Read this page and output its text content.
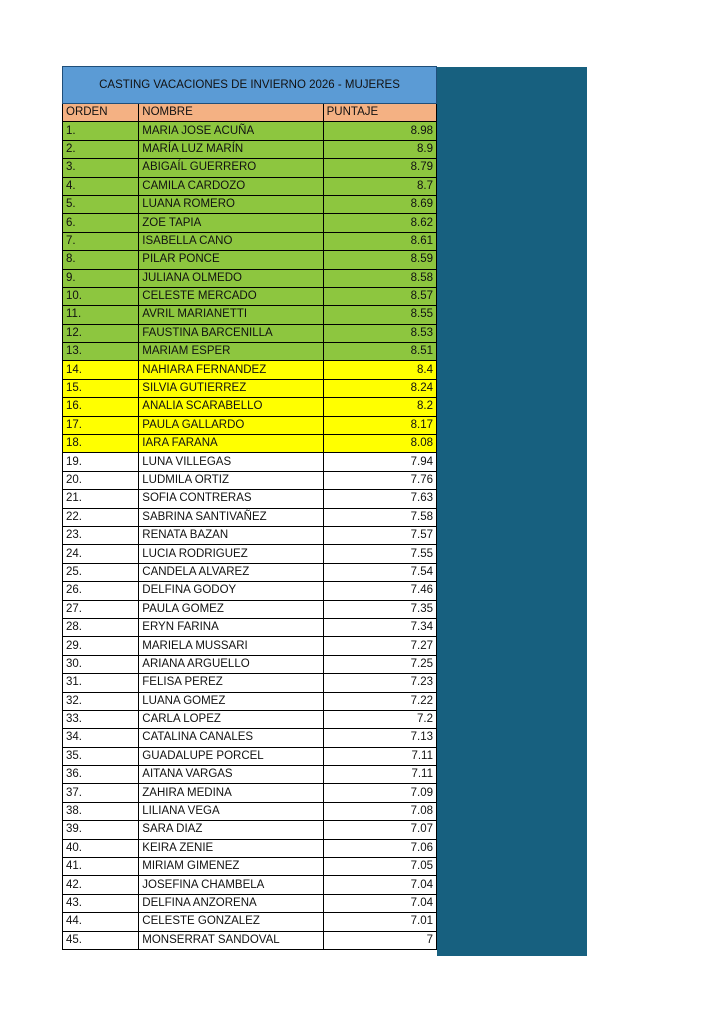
CASTING VACACIONES DE INVIERNO 2026 - MUJERES		
ORDEN	NOMBRE	PUNTAJE
1.	MARIA JOSE ACUÑA	8.98
2.	MARÍA LUZ MARÍN	8.9
3.	ABIGAÍL GUERRERO	8.79
4.	CAMILA CARDOZO	8.7
5.	LUANA ROMERO	8.69
6.	ZOE TAPIA	8.62
7.	ISABELLA CANO	8.61
8.	PILAR PONCE	8.59
9.	JULIANA OLMEDO	8.58
10.	CELESTE MERCADO	8.57
11.	AVRIL MARIANETTI	8.55
12.	FAUSTINA BARCENILLA	8.53
13.	MARIAM ESPER	8.51
14.	NAHIARA FERNANDEZ	8.4
15.	SILVIA GUTIERREZ	8.24
16.	ANALIA SCARABELLO	8.2
17.	PAULA GALLARDO	8.17
18.	IARA FARANA	8.08
19.	LUNA VILLEGAS	7.94
20.	LUDMILA ORTIZ	7.76
21.	SOFIA CONTRERAS	7.63
22.	SABRINA SANTIVAÑEZ	7.58
23.	RENATA BAZAN	7.57
24.	LUCIA RODRIGUEZ	7.55
25.	CANDELA ALVAREZ	7.54
26.	DELFINA GODOY	7.46
27.	PAULA GOMEZ	7.35
28.	ERYN FARINA	7.34
29.	MARIELA MUSSARI	7.27
30.	ARIANA ARGUELLO	7.25
31.	FELISA PEREZ	7.23
32.	LUANA GOMEZ	7.22
33.	CARLA LOPEZ	7.2
34.	CATALINA CANALES	7.13
35.	GUADALUPE PORCEL	7.11
36.	AITANA VARGAS	7.11
37.	ZAHIRA MEDINA	7.09
38.	LILIANA VEGA	7.08
39.	SARA DIAZ	7.07
40.	KEIRA ZENIE	7.06
41.	MIRIAM GIMENEZ	7.05
42.	JOSEFINA CHAMBELA	7.04
43.	DELFINA ANZORENA	7.04
44.	CELESTE GONZALEZ	7.01
45.	MONSERRAT SANDOVAL	7
